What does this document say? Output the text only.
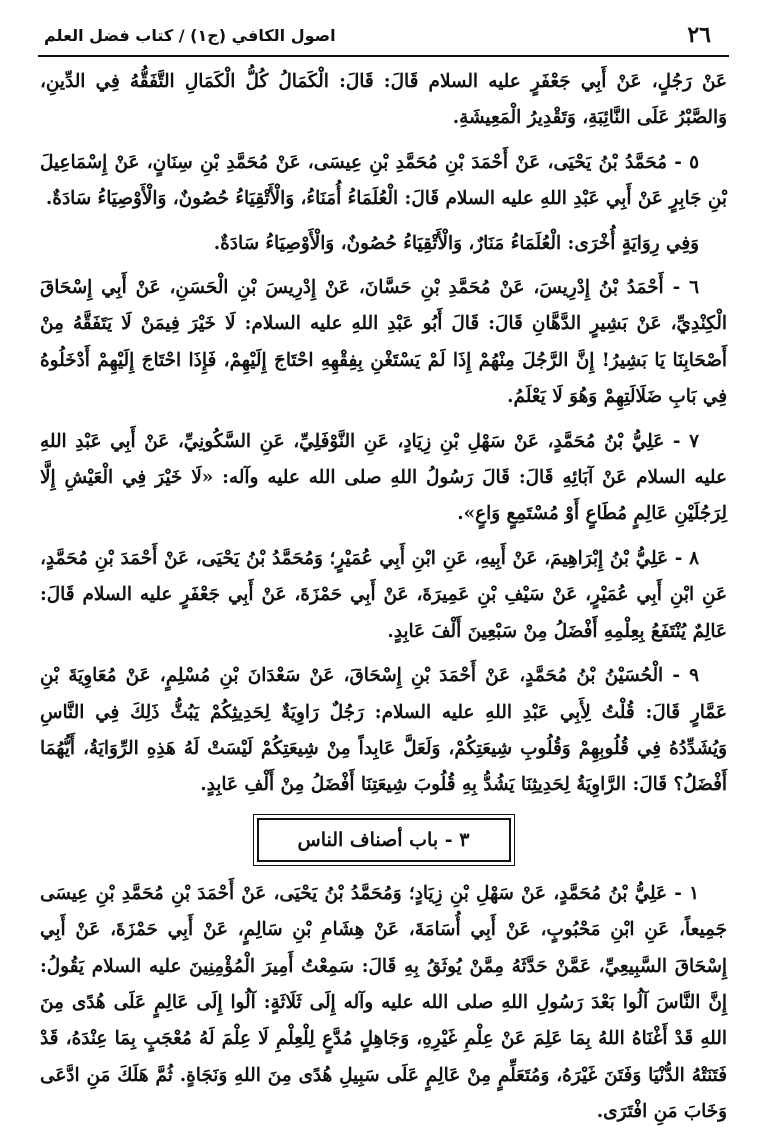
٢٦
اصول الكافي (ج١) / كتاب فضل العلم

عَنْ رَجُلٍ، عَنْ أَبِي جَعْفَرٍ عليه السلام قَالَ: قَالَ: الْكَمَالُ كُلُّ الْكَمَالِ التَّفَقُّهُ فِي الدِّينِ، وَالصَّبْرُ عَلَى النَّائِبَةِ، وَتَقْدِيرُ الْمَعِيشَةِ.

٥ - مُحَمَّدُ بْنُ يَحْيَى، عَنْ أَحْمَدَ بْنِ مُحَمَّدِ بْنِ عِيسَى، عَنْ مُحَمَّدِ بْنِ سِنَانٍ، عَنْ إِسْمَاعِيلَ بْنِ جَابِرٍ عَنْ أَبِي عَبْدِ اللهِ عليه السلام قَالَ: الْعُلَمَاءُ أُمَنَاءُ، وَالْأَتْقِيَاءُ حُصُونٌ، وَالْأَوْصِيَاءُ سَادَةٌ.

وَفِي رِوَايَةٍ أُخْرَى: الْعُلَمَاءُ مَنَارٌ، وَالْأَتْقِيَاءُ حُصُونٌ، وَالْأَوْصِيَاءُ سَادَةٌ.

٦ - أَحْمَدُ بْنُ إِدْرِيسَ، عَنْ مُحَمَّدِ بْنِ حَسَّانَ، عَنْ إِدْرِيسَ بْنِ الْحَسَنِ، عَنْ أَبِي إِسْحَاقَ الْكِنْدِيِّ، عَنْ بَشِيرٍ الدَّهَّانِ قَالَ: قَالَ أَبُو عَبْدِ اللهِ عليه السلام: لَا خَيْرَ فِيمَنْ لَا يَتَفَقَّهُ مِنْ أَصْحَابِنَا يَا بَشِيرُ! إِنَّ الرَّجُلَ مِنْهُمْ إِذَا لَمْ يَسْتَغْنِ بِفِقْهِهِ احْتَاجَ إِلَيْهِمْ، فَإِذَا احْتَاجَ إِلَيْهِمْ أَدْخَلُوهُ فِي بَابِ ضَلَالَتِهِمْ وَهُوَ لَا يَعْلَمُ.

٧ - عَلِيُّ بْنُ مُحَمَّدٍ، عَنْ سَهْلِ بْنِ زِيَادٍ، عَنِ النَّوْفَلِيِّ، عَنِ السَّكُونِيِّ، عَنْ أَبِي عَبْدِ اللهِ عليه السلام عَنْ آبَائِهِ قَالَ: قَالَ رَسُولُ اللهِ صلى الله عليه وآله: «لَا خَيْرَ فِي الْعَيْشِ إِلَّا لِرَجُلَيْنِ عَالِمٍ مُطَاعٍ أَوْ مُسْتَمِعٍ وَاعٍ».

٨ - عَلِيُّ بْنُ إِبْرَاهِيمَ، عَنْ أَبِيهِ، عَنِ ابْنِ أَبِي عُمَيْرٍ؛ وَمُحَمَّدُ بْنُ يَحْيَى، عَنْ أَحْمَدَ بْنِ مُحَمَّدٍ، عَنِ ابْنِ أَبِي عُمَيْرٍ، عَنْ سَيْفِ بْنِ عَمِيرَةَ، عَنْ أَبِي حَمْزَةَ، عَنْ أَبِي جَعْفَرٍ عليه السلام قَالَ: عَالِمٌ يُنْتَفَعُ بِعِلْمِهِ أَفْضَلُ مِنْ سَبْعِينَ أَلْفَ عَابِدٍ.

٩ - الْحُسَيْنُ بْنُ مُحَمَّدٍ، عَنْ أَحْمَدَ بْنِ إِسْحَاقَ، عَنْ سَعْدَانَ بْنِ مُسْلِمٍ، عَنْ مُعَاوِيَةَ بْنِ عَمَّارٍ قَالَ: قُلْتُ لِأَبِي عَبْدِ اللهِ عليه السلام: رَجُلٌ رَاوِيَةٌ لِحَدِيثِكُمْ يَبُثُّ ذَلِكَ فِي النَّاسِ وَيُشَدِّدُهُ فِي قُلُوبِهِمْ وَقُلُوبِ شِيعَتِكُمْ، وَلَعَلَّ عَابِداً مِنْ شِيعَتِكُمْ لَيْسَتْ لَهُ هَذِهِ الرِّوَايَةُ، أَيُّهُمَا أَفْضَلُ؟ قَالَ: الرَّاوِيَةُ لِحَدِيثِنَا يَشُدُّ بِهِ قُلُوبَ شِيعَتِنَا أَفْضَلُ مِنْ أَلْفِ عَابِدٍ.

٣ - باب أصناف الناس

١ - عَلِيُّ بْنُ مُحَمَّدٍ، عَنْ سَهْلِ بْنِ زِيَادٍ؛ وَمُحَمَّدُ بْنُ يَحْيَى، عَنْ أَحْمَدَ بْنِ مُحَمَّدِ بْنِ عِيسَى جَمِيعاً، عَنِ ابْنِ مَحْبُوبٍ، عَنْ أَبِي أُسَامَةَ، عَنْ هِشَامِ بْنِ سَالِمٍ، عَنْ أَبِي حَمْزَةَ، عَنْ أَبِي إِسْحَاقَ السَّبِيعِيِّ، عَمَّنْ حَدَّثَهُ مِمَّنْ يُوثَقُ بِهِ قَالَ: سَمِعْتُ أَمِيرَ الْمُؤْمِنِينَ عليه السلام يَقُولُ: إِنَّ النَّاسَ آلُوا بَعْدَ رَسُولِ اللهِ صلى الله عليه وآله إِلَى ثَلَاثَةٍ: آلُوا إِلَى عَالِمٍ عَلَى هُدًى مِنَ اللهِ قَدْ أَغْنَاهُ اللهُ بِمَا عَلِمَ عَنْ عِلْمِ غَيْرِهِ، وَجَاهِلٍ مُدَّعٍ لِلْعِلْمِ لَا عِلْمَ لَهُ مُعْجَبٍ بِمَا عِنْدَهُ، قَدْ فَتَنَتْهُ الدُّنْيَا وَفَتَنَ غَيْرَهُ، وَمُتَعَلِّمٍ مِنْ عَالِمٍ عَلَى سَبِيلِ هُدًى مِنَ اللهِ وَنَجَاةٍ. ثُمَّ هَلَكَ مَنِ ادَّعَى وَخَابَ مَنِ افْتَرَى.
